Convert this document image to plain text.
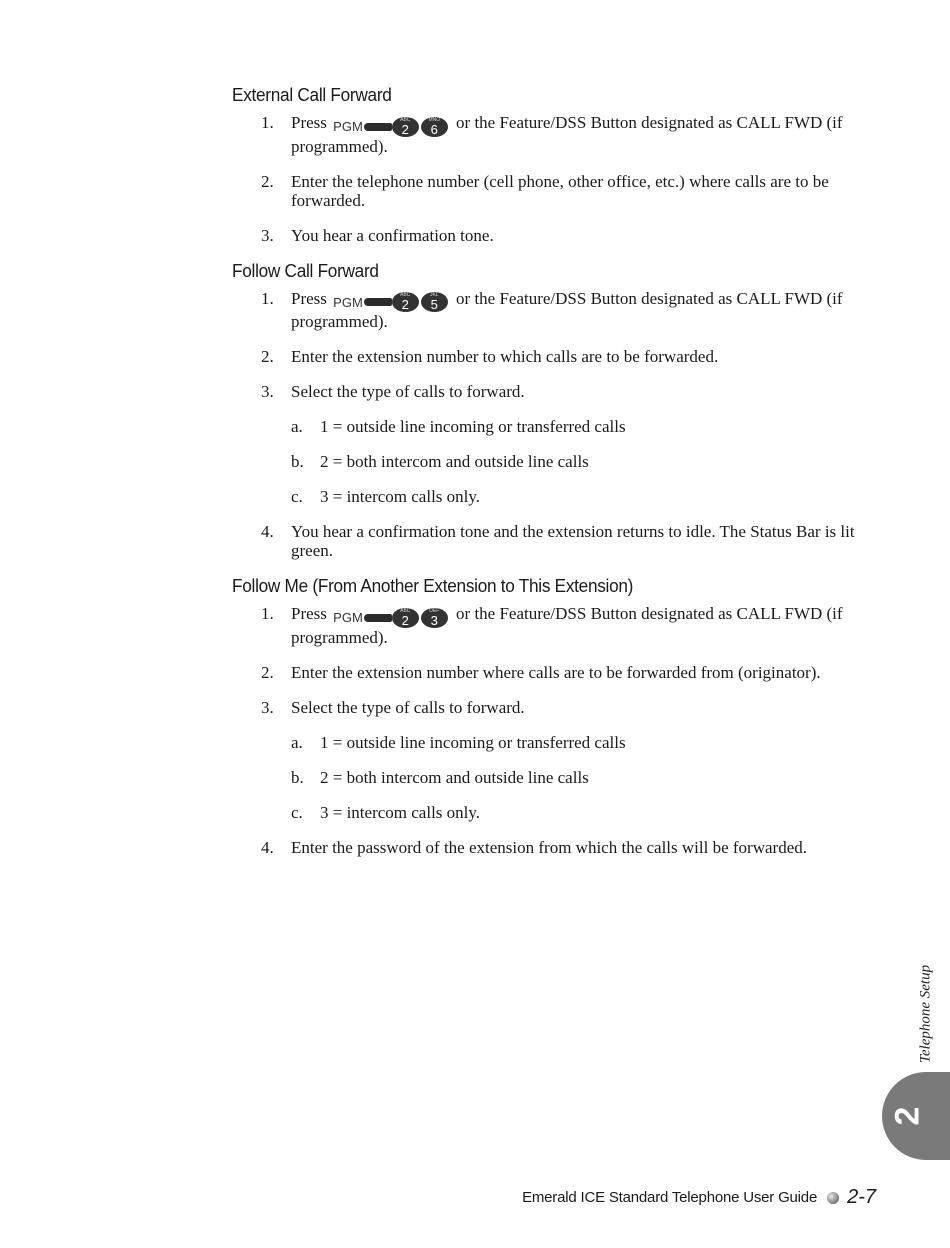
External Call Forward
1. Press PGM	ABC
2
MNO
6 or the Feature/DSS Button designated as CALL FWD (if programmed).
2. Enter the telephone number (cell phone, other office, etc.) where calls are to be forwarded.
3. You hear a confirmation tone.
Follow Call Forward
1. Press PGM	ABC
2
JKL
5 or the Feature/DSS Button designated as CALL FWD (if programmed).
2. Enter the extension number to which calls are to be forwarded.
3. Select the type of calls to forward.
a. 1 = outside line incoming or transferred calls
b. 2 = both intercom and outside line calls
c. 3 = intercom calls only.
4. You hear a confirmation tone and the extension returns to idle. The Status Bar is lit green.
Follow Me (From Another Extension to This Extension)
1. Press PGM	ABC
2
DEF
3 or the Feature/DSS Button designated as CALL FWD (if programmed).
2. Enter the extension number where calls are to be forwarded from (originator).
3. Select the type of calls to forward.
a. 1 = outside line incoming or transferred calls
b. 2 = both intercom and outside line calls
c. 3 = intercom calls only.
4. Enter the password of the extension from which the calls will be forwarded.
Telephone Setup
2
Emerald ICE Standard Telephone User Guide 2-7
